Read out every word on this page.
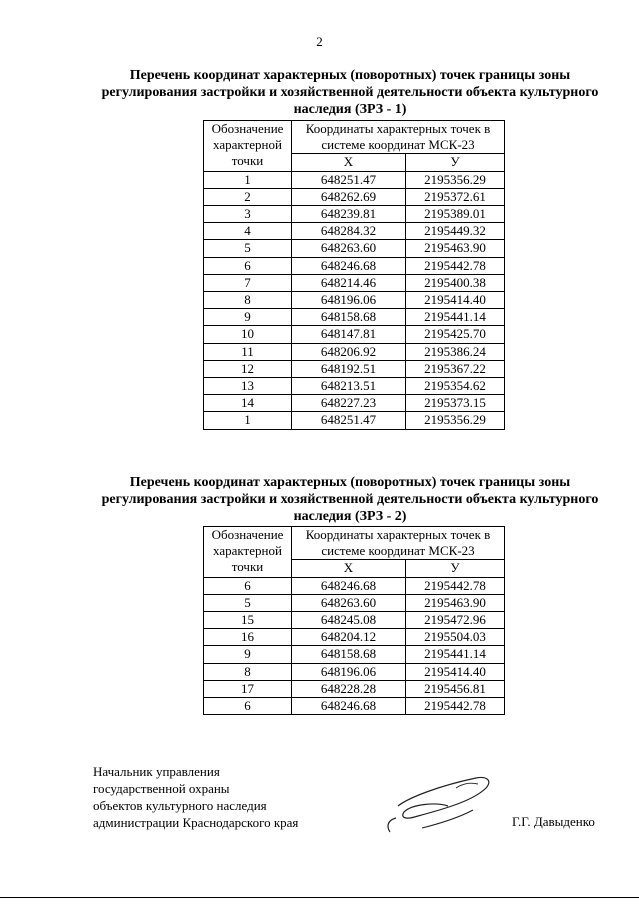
2
Перечень координат характерных (поворотных) точек границы зоны регулирования застройки и хозяйственной деятельности объекта культурного наследия (ЗРЗ - 1)
Обозначение характерной точки	Координаты характерных точек в системе координат МСК-23	
	X	У
1	648251.47	2195356.29
2	648262.69	2195372.61
3	648239.81	2195389.01
4	648284.32	2195449.32
5	648263.60	2195463.90
6	648246.68	2195442.78
7	648214.46	2195400.38
8	648196.06	2195414.40
9	648158.68	2195441.14
10	648147.81	2195425.70
11	648206.92	2195386.24
12	648192.51	2195367.22
13	648213.51	2195354.62
14	648227.23	2195373.15
1	648251.47	2195356.29
Перечень координат характерных (поворотных) точек границы зоны регулирования застройки и хозяйственной деятельности объекта культурного наследия (ЗРЗ - 2)
Обозначение характерной точки	Координаты характерных точек в системе координат МСК-23	
	X	У
6	648246.68	2195442.78
5	648263.60	2195463.90
15	648245.08	2195472.96
16	648204.12	2195504.03
9	648158.68	2195441.14
8	648196.06	2195414.40
17	648228.28	2195456.81
6	648246.68	2195442.78
Начальник управления
государственной охраны
объектов культурного наследия
администрации Краснодарского края	Г.Г. Давыденко
